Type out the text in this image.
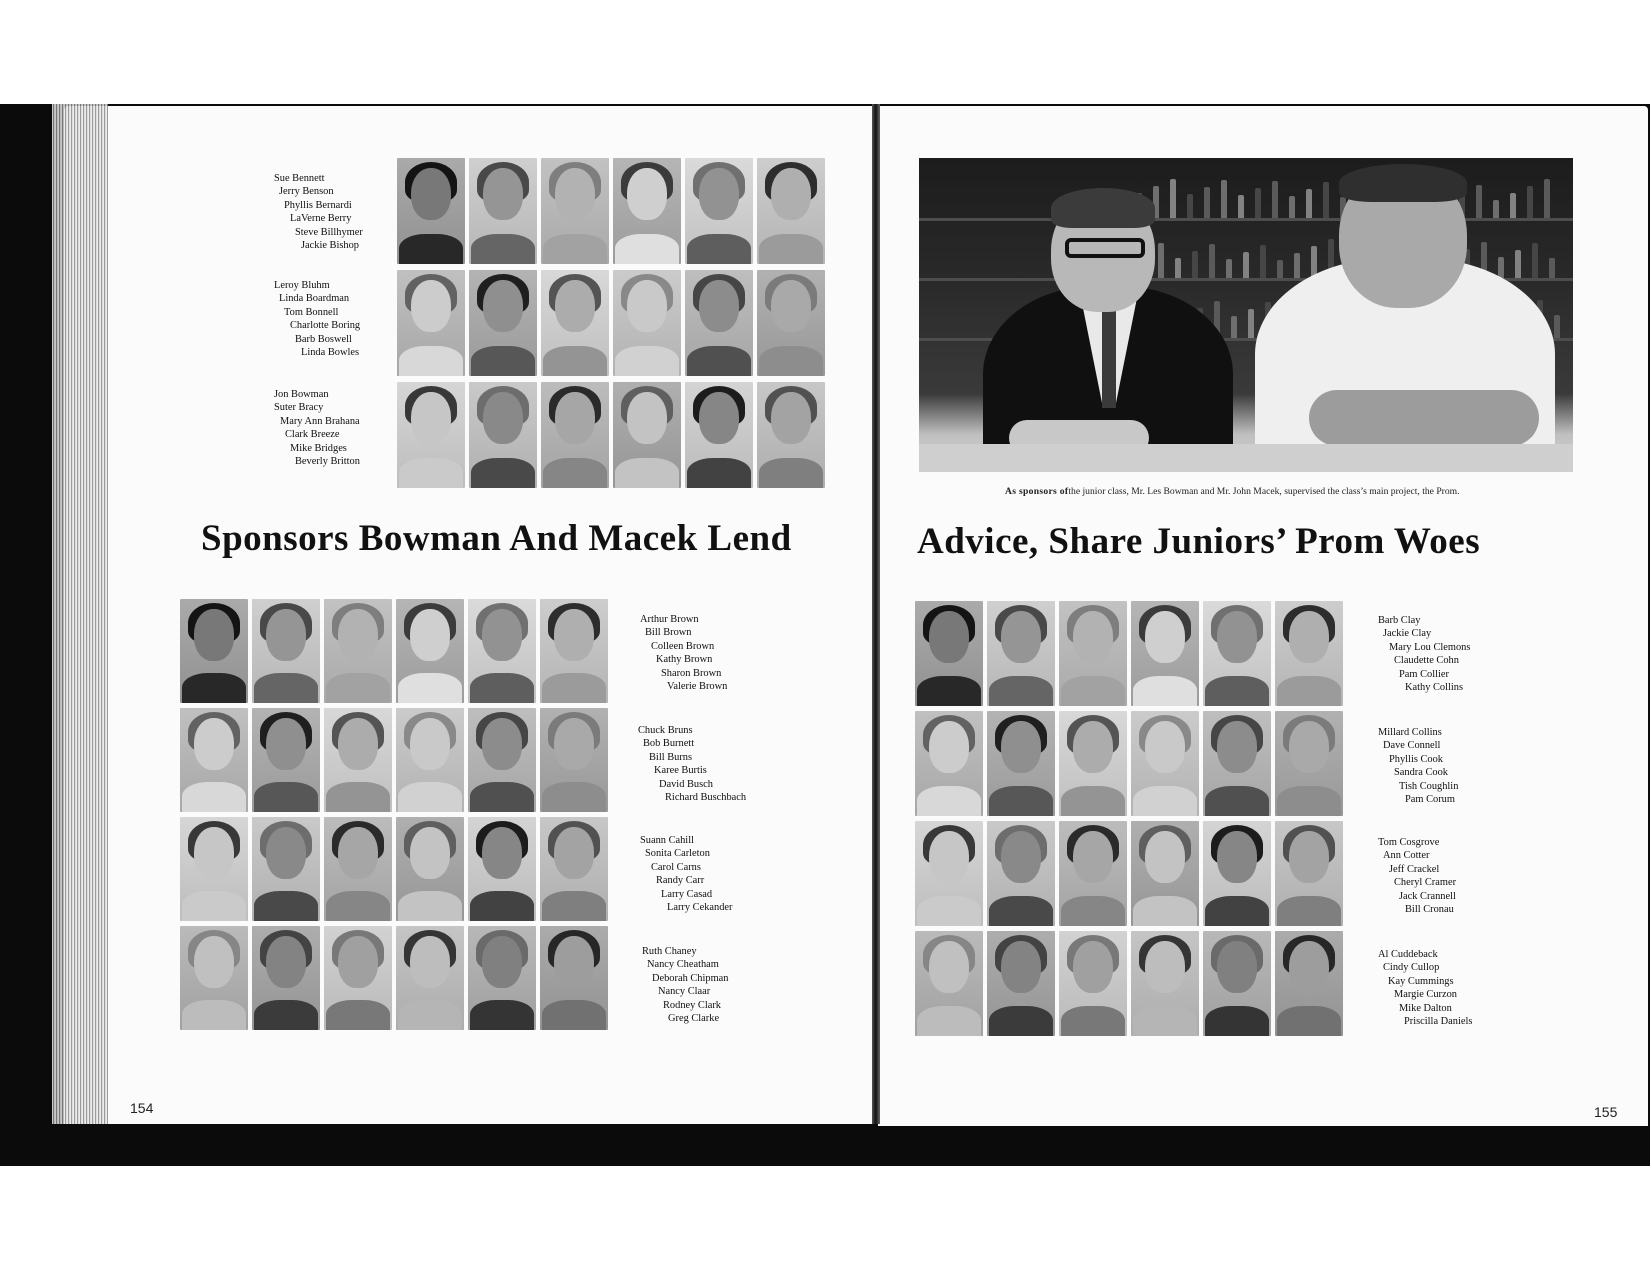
Sue Bennett
Jerry Benson
Phyllis Bernardi
LaVerne Berry
Steve Billhymer
Jackie Bishop
Leroy Bluhm
Linda Boardman
Tom Bonnell
Charlotte Boring
Barb Boswell
Linda Bowles
Jon Bowman
Suter Bracy
Mary Ann Brahana
Clark Breeze
Mike Bridges
Beverly Britton
As sponsors ofthe junior class, Mr. Les Bowman and Mr. John Macek, supervised the class’s main project, the Prom.
Sponsors Bowman And Macek Lend	Advice, Share Juniors’ Prom Woes
Arthur Brown
Bill Brown
Colleen Brown
Kathy Brown
Sharon Brown
Valerie Brown
Chuck Bruns
Bob Burnett
Bill Burns
Karee Burtis
David Busch
Richard Buschbach
Suann Cahill
Sonita Carleton
Carol Carns
Randy Carr
Larry Casad
Larry Cekander
Ruth Chaney
Nancy Cheatham
Deborah Chipman
Nancy Claar
Rodney Clark
Greg Clarke
Barb Clay
Jackie Clay
Mary Lou Clemons
Claudette Cohn
Pam Collier
Kathy Collins
Millard Collins
Dave Connell
Phyllis Cook
Sandra Cook
Tish Coughlin
Pam Corum
Tom Cosgrove
Ann Cotter
Jeff Crackel
Cheryl Cramer
Jack Crannell
Bill Cronau
Al Cuddeback
Cindy Cullop
Kay Cummings
Margie Curzon
Mike Dalton
Priscilla Daniels
154	155
